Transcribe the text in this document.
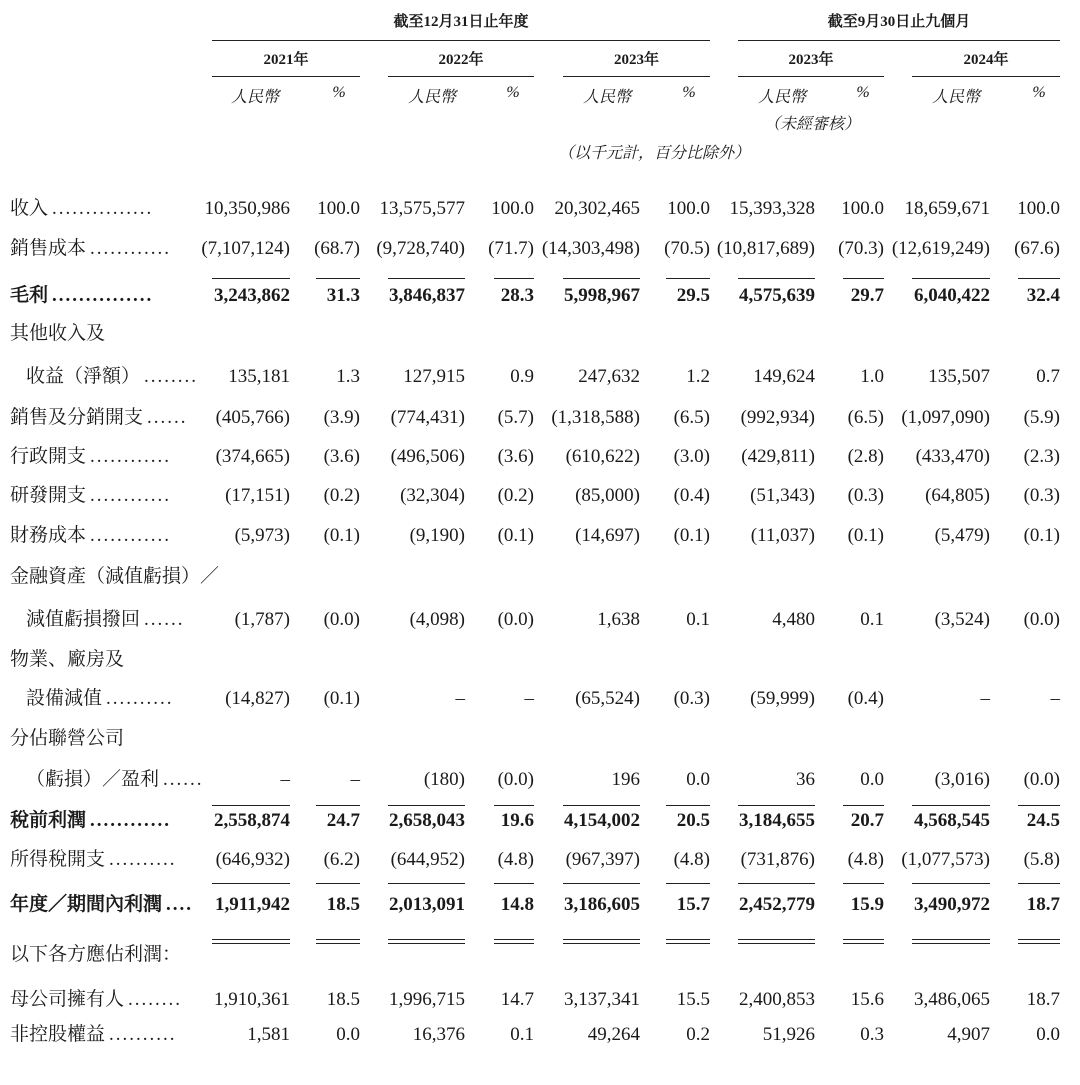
截至12月31日止年度	截至9月30日止九個月
2021年	2022年	2023年	2023年	2024年
人民幣	%	人民幣	%	人民幣	%	人民幣	%	人民幣	%
（未經審核）
（以千元計，百分比除外）
收入 ...............	10,350,986 100.0 13,575,577 100.0 20,302,465 100.0 15,393,328 100.0 18,659,671 100.0
銷售成本 ............ (7,107,124) (68.7) (9,728,740) (71.7) (14,303,498) (70.5) (10,817,689) (70.3) (12,619,249) (67.6)
毛利 ...............	3,243,862 31.3 3,846,837 28.3 5,998,967 29.5 4,575,639 29.7 6,040,422 32.4
其他收入及
收益（淨額） ........ 135,181 1.3 127,915 0.9 247,632 1.2 149,624 1.0 135,507 0.7
銷售及分銷開支 ...... (405,766) (3.9) (774,431) (5.7) (1,318,588) (6.5) (992,934) (6.5) (1,097,090) (5.9)
行政開支 ............ (374,665) (3.6) (496,506) (3.6) (610,622) (3.0) (429,811) (2.8) (433,470) (2.3)
研發開支 ............	(17,151) (0.2) (32,304) (0.2) (85,000) (0.4) (51,343) (0.3) (64,805) (0.3)
財務成本 ............	(5,973) (0.1)	(9,190) (0.1) (14,697) (0.1) (11,037) (0.1)	(5,479) (0.1)
金融資產（減值虧損）／
減值虧損撥回 ......	(1,787) (0.0)	(4,098) (0.0)	1,638 0.1	4,480 0.1	(3,524) (0.0)
物業、廠房及
設備減值 ..........	(14,827) (0.1)	–	– (65,524) (0.3) (59,999) (0.4)	–	–
分佔聯營公司
（虧損）／盈利 ......	–	–	(180) (0.0)	196 0.0	36 0.0	(3,016) (0.0)
稅前利潤 ............ 2,558,874 24.7 2,658,043 19.6 4,154,002 20.5 3,184,655 20.7 4,568,545 24.5
所得稅開支 .......... (646,932) (6.2) (644,952) (4.8) (967,397) (4.8) (731,876) (4.8) (1,077,573) (5.8)
年度／期間內利潤 .... 1,911,942 18.5 2,013,091 14.8 3,186,605 15.7 2,452,779 15.9 3,490,972 18.7
以下各方應佔利潤：
母公司擁有人 ........ 1,910,361 18.5 1,996,715 14.7 3,137,341 15.5 2,400,853 15.6 3,486,065 18.7
非控股權益 ..........	1,581 0.0	16,376 0.1	49,264 0.2	51,926 0.3	4,907 0.0
